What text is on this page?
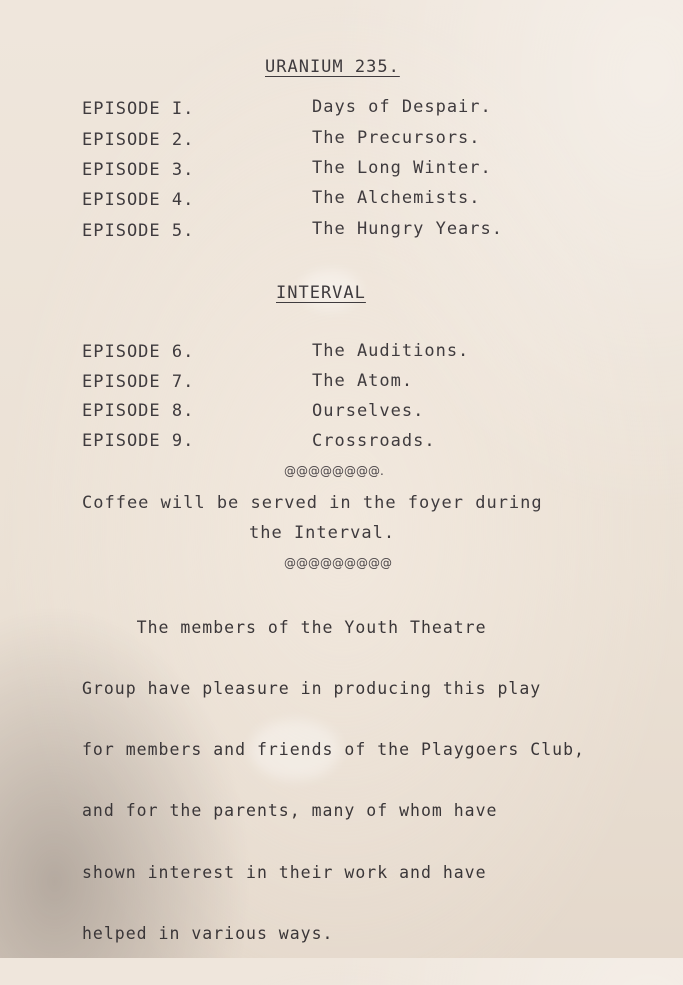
URANIUM 235.
EPISODE I.	Days of Despair.
EPISODE 2.	The Precursors.
EPISODE 3.	The Long Winter.
EPISODE 4.	The Alchemists.
EPISODE 5.	The Hungry Years.
INTERVAL
EPISODE 6.	The Auditions.
EPISODE 7.	The Atom.
EPISODE 8.	Ourselves.
EPISODE 9.	Crossroads.
@@@@@@@@.
Coffee will be served in the foyer during
the Interval.
@@@@@@@@@

The members of the Youth Theatre

Group have pleasure in producing this play

for members and friends of the Playgoers Club,

and for the parents, many of whom have

shown interest in their work and have

helped in various ways.
